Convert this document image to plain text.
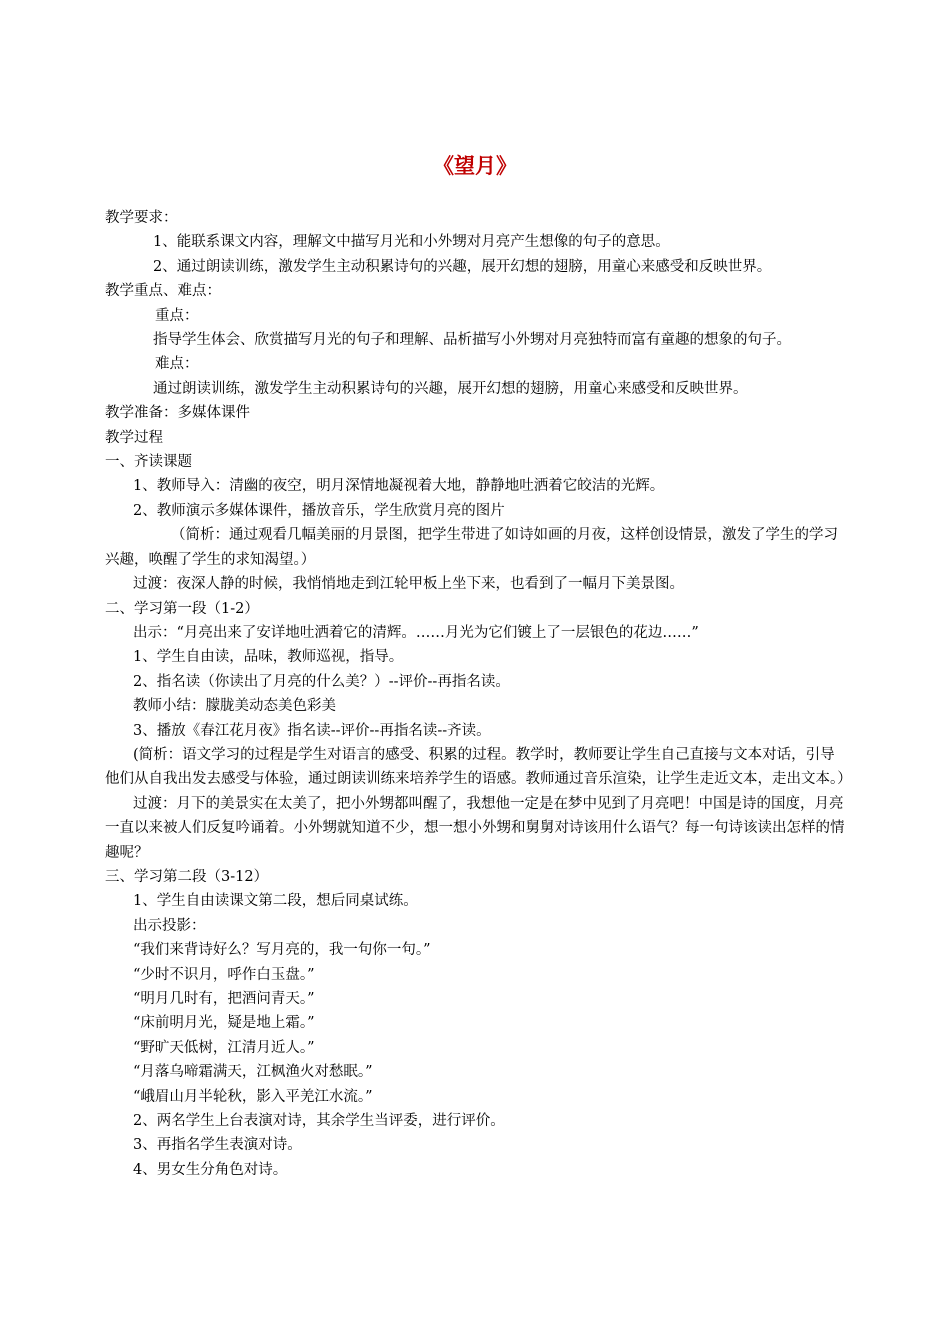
《望月》

教学要求：

1、能联系课文内容，理解文中描写月光和小外甥对月亮产生想像的句子的意思。

2、通过朗读训练，激发学生主动积累诗句的兴趣，展开幻想的翅膀，用童心来感受和反映世界。

教学重点、难点：

重点：

指导学生体会、欣赏描写月光的句子和理解、品析描写小外甥对月亮独特而富有童趣的想象的句子。

难点：

通过朗读训练，激发学生主动积累诗句的兴趣，展开幻想的翅膀，用童心来感受和反映世界。

教学准备：多媒体课件

教学过程

一、齐读课题

1、教师导入：清幽的夜空，明月深情地凝视着大地，静静地吐洒着它皎洁的光辉。

2、教师演示多媒体课件，播放音乐，学生欣赏月亮的图片

（简析：通过观看几幅美丽的月景图，把学生带进了如诗如画的月夜，这样创设情景，激发了学生的学习兴趣，唤醒了学生的求知渴望。）

过渡：夜深人静的时候，我悄悄地走到江轮甲板上坐下来，也看到了一幅月下美景图。

二、学习第一段（1-2）

出示：“月亮出来了安详地吐洒着它的清辉。……月光为它们镀上了一层银色的花边……”

1、学生自由读，品味，教师巡视，指导。

2、指名读（你读出了月亮的什么美？）--评价--再指名读。

教师小结：朦胧美动态美色彩美

3、播放《春江花月夜》指名读--评价--再指名读--齐读。

(简析：语文学习的过程是学生对语言的感受、积累的过程。教学时，教师要让学生自己直接与文本对话，引导他们从自我出发去感受与体验，通过朗读训练来培养学生的语感。教师通过音乐渲染，让学生走近文本，走出文本。）

过渡：月下的美景实在太美了，把小外甥都叫醒了，我想他一定是在梦中见到了月亮吧！中国是诗的国度，月亮一直以来被人们反复吟诵着。小外甥就知道不少，想一想小外甥和舅舅对诗该用什么语气？每一句诗该读出怎样的情趣呢？

三、学习第二段（3-12）

1、学生自由读课文第二段，想后同桌试练。

出示投影：

“我们来背诗好么？写月亮的，我一句你一句。”

“少时不识月，呼作白玉盘。”

“明月几时有，把酒问青天。”

“床前明月光，疑是地上霜。”

“野旷天低树，江清月近人。”

“月落乌啼霜满天，江枫渔火对愁眠。”

“峨眉山月半轮秋，影入平羌江水流。”

2、两名学生上台表演对诗，其余学生当评委，进行评价。

3、再指名学生表演对诗。

4、男女生分角色对诗。
